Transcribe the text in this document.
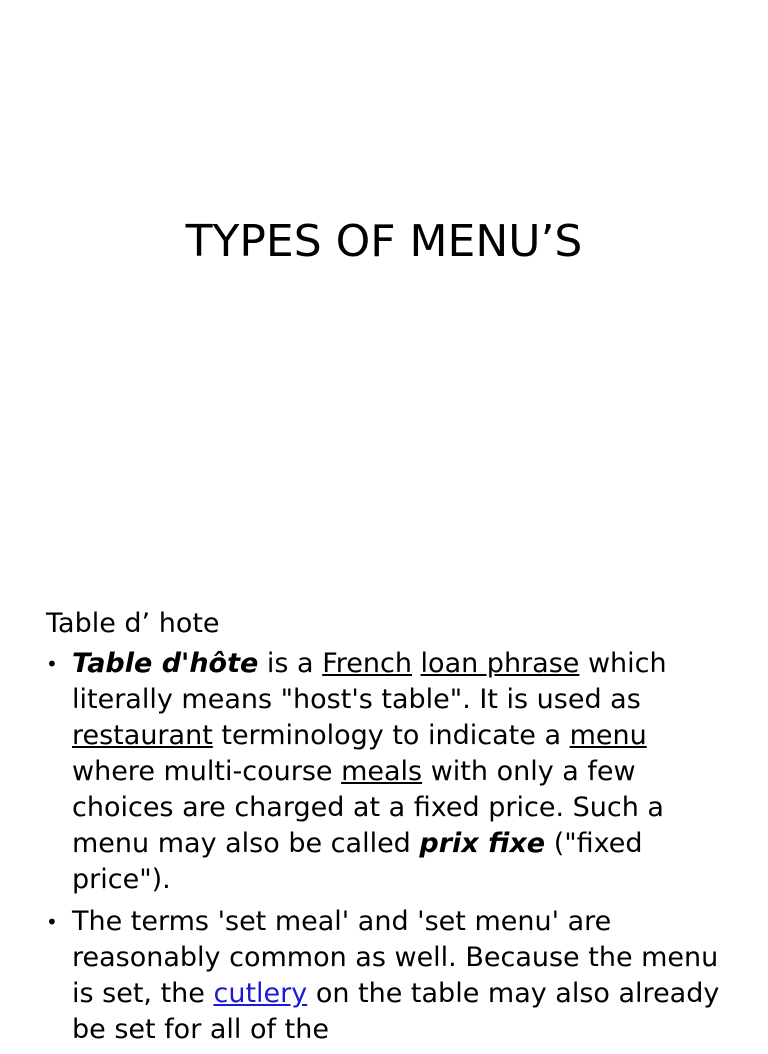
TYPES OF MENU’S
Table d’ hote
• Table d'hôte is a French loan phrase which literally means "host's table". It is used as restaurant terminology to indicate a menu where multi-course meals with only a few choices are charged at a fixed price. Such a menu may also be called prix fixe ("fixed price").
• The terms 'set meal' and 'set menu' are reasonably common as well. Because the menu is set, the cutlery on the table may also already be set for all of the
